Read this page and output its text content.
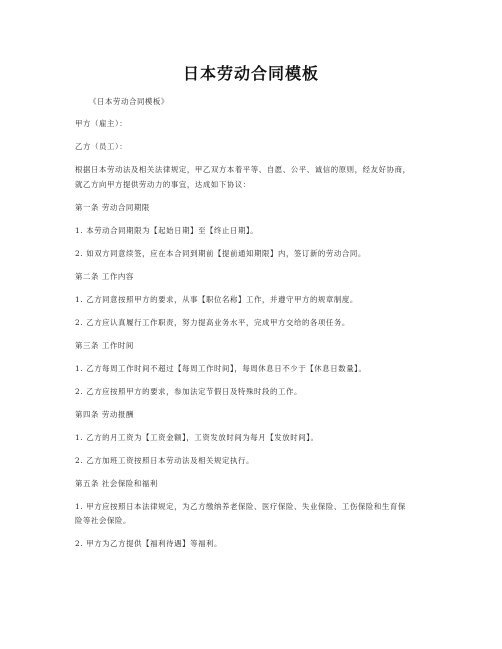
日本劳动合同模板
《日本劳动合同模板》
甲方（雇主）：
乙方（员工）：
根据日本劳动法及相关法律规定，甲乙双方本着平等、自愿、公平、诚信的原则，经友好协商，
就乙方向甲方提供劳动力的事宜，达成如下协议：
第一条 劳动合同期限
1. 本劳动合同期限为【起始日期】至【终止日期】。
2. 如双方同意续签，应在本合同到期前【提前通知期限】内，签订新的劳动合同。
第二条 工作内容
1. 乙方同意按照甲方的要求，从事【职位名称】工作，并遵守甲方的规章制度。
2. 乙方应认真履行工作职责，努力提高业务水平，完成甲方交给的各项任务。
第三条 工作时间
1. 乙方每周工作时间不超过【每周工作时间】，每周休息日不少于【休息日数量】。
2. 乙方应按照甲方的要求，参加法定节假日及特殊时段的工作。
第四条 劳动报酬
1. 乙方的月工资为【工资金额】，工资发放时间为每月【发放时间】。
2. 乙方加班工资按照日本劳动法及相关规定执行。
第五条 社会保险和福利
1. 甲方应按照日本法律规定，为乙方缴纳养老保险、医疗保险、失业保险、工伤保险和生育保
险等社会保险。
2. 甲方为乙方提供【福利待遇】等福利。
